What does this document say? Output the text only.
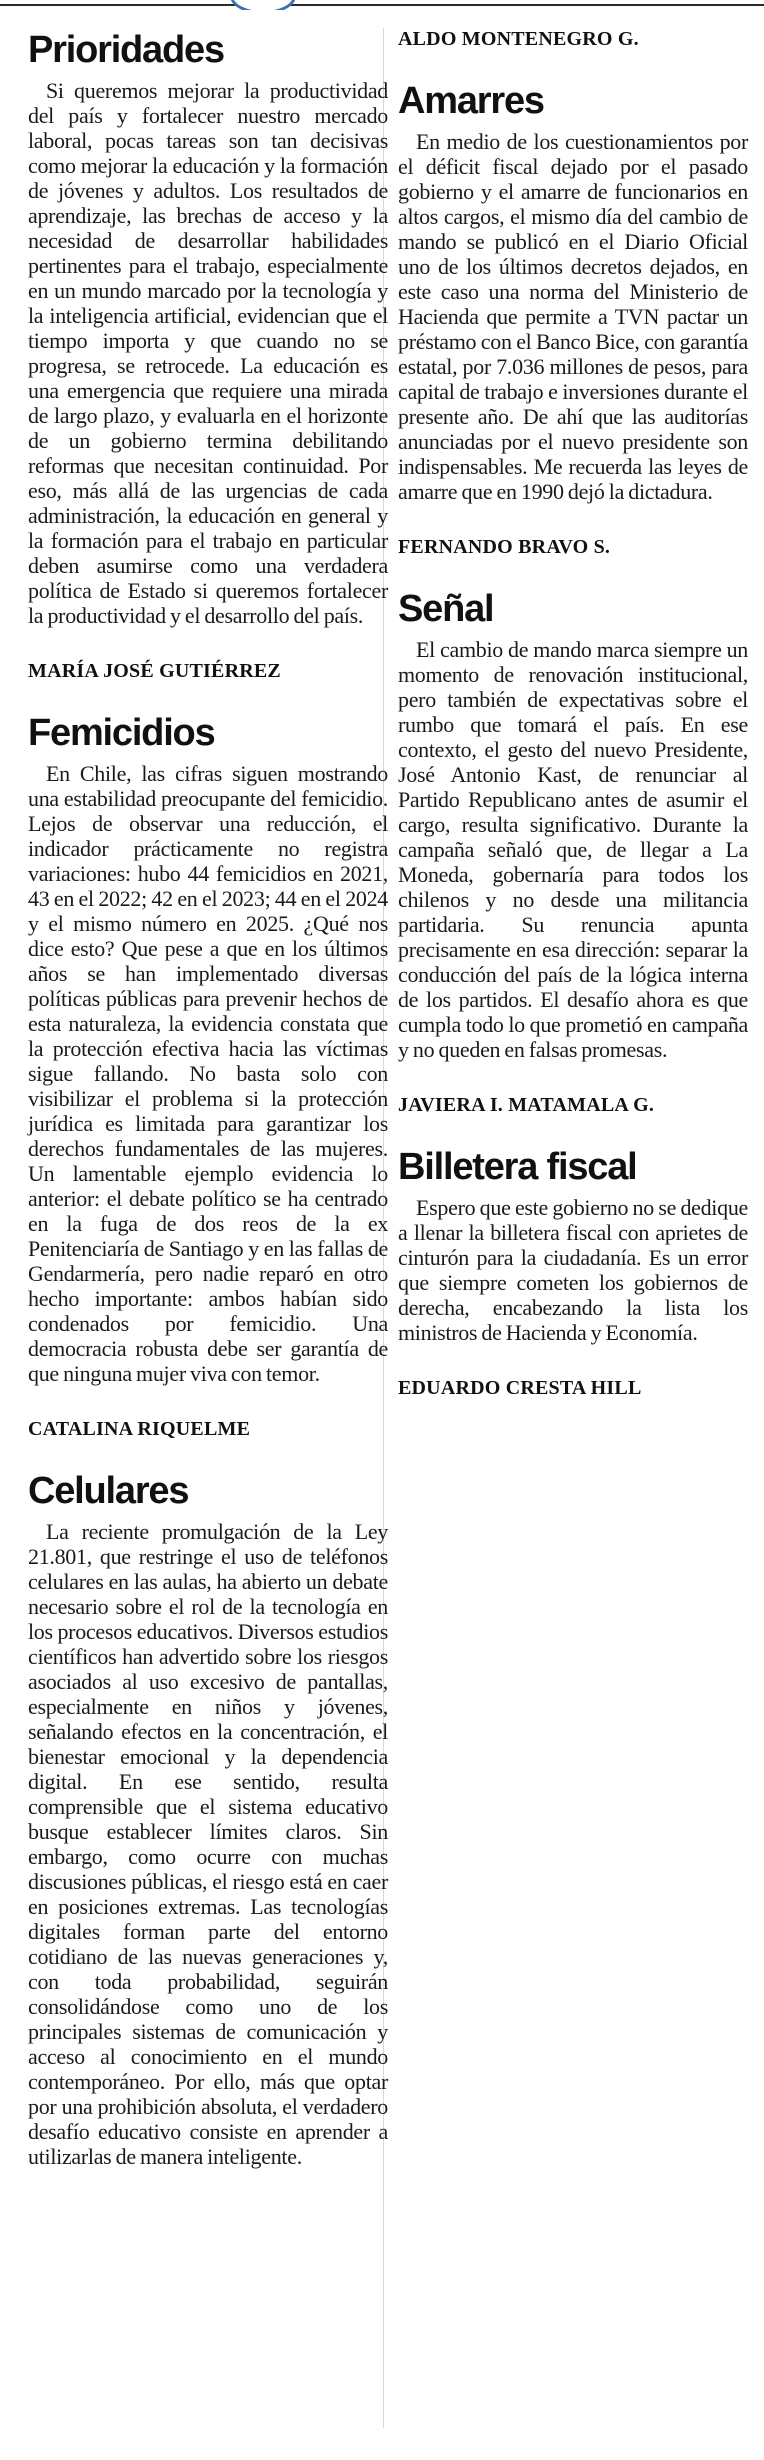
Prioridades

Si queremos mejorar la productividad del país y fortalecer nuestro mercado laboral, pocas tareas son tan decisivas como mejorar la educación y la formación de jóvenes y adultos. Los resultados de aprendizaje, las brechas de acceso y la necesidad de desarrollar habilidades pertinentes para el trabajo, especialmente en un mundo marcado por la tecnología y la inteligencia artificial, evidencian que el tiempo importa y que cuando no se progresa, se retrocede. La educación es una emergencia que requiere una mirada de largo plazo, y evaluarla en el horizonte de un gobierno termina debilitando reformas que necesitan continuidad. Por eso, más allá de las urgencias de cada administración, la educación en general y la formación para el trabajo en particular deben asumirse como una verdadera política de Estado si queremos fortalecer la productividad y el desarrollo del país.

MARÍA JOSÉ GUTIÉRREZ
Femicidios

En Chile, las cifras siguen mostrando una estabilidad preocupante del femicidio. Lejos de observar una reducción, el indicador prácticamente no registra variaciones: hubo 44 femicidios en 2021, 43 en el 2022; 42 en el 2023; 44 en el 2024 y el mismo número en 2025. ¿Qué nos dice esto? Que pese a que en los últimos años se han implementado diversas políticas públicas para prevenir hechos de esta naturaleza, la evidencia constata que la protección efectiva hacia las víctimas sigue fallando. No basta solo con visibilizar el problema si la protección jurídica es limitada para garantizar los derechos fundamentales de las mujeres. Un lamentable ejemplo evidencia lo anterior: el debate político se ha centrado en la fuga de dos reos de la ex Penitenciaría de Santiago y en las fallas de Gendarmería, pero nadie reparó en otro hecho importante: ambos habían sido condenados por femicidio. Una democracia robusta debe ser garantía de que ninguna mujer viva con temor.

CATALINA RIQUELME
Celulares

La reciente promulgación de la Ley 21.801, que restringe el uso de teléfonos celulares en las aulas, ha abierto un debate necesario sobre el rol de la tecnología en los procesos educativos. Diversos estudios científicos han advertido sobre los riesgos asociados al uso excesivo de pantallas, especialmente en niños y jóvenes, señalando efectos en la concentración, el bienestar emocional y la dependencia digital. En ese sentido, resulta comprensible que el sistema educativo busque establecer límites claros. Sin embargo, como ocurre con muchas discusiones públicas, el riesgo está en caer en posiciones extremas. Las tecnologías digitales forman parte del entorno cotidiano de las nuevas generaciones y, con toda probabilidad, seguirán consolidándose como uno de los principales sistemas de comunicación y acceso al conocimiento en el mundo contemporáneo. Por ello, más que optar por una prohibición absoluta, el verdadero desafío educativo consiste en aprender a utilizarlas de manera inteligente.

ALDO MONTENEGRO G.
Amarres

En medio de los cuestionamientos por el déficit fiscal dejado por el pasado gobierno y el amarre de funcionarios en altos cargos, el mismo día del cambio de mando se publicó en el Diario Oficial uno de los últimos decretos dejados, en este caso una norma del Ministerio de Hacienda que permite a TVN pactar un préstamo con el Banco Bice, con garantía estatal, por 7.036 millones de pesos, para capital de trabajo e inversiones durante el presente año. De ahí que las auditorías anunciadas por el nuevo presidente son indispensables. Me recuerda las leyes de amarre que en 1990 dejó la dictadura.

FERNANDO BRAVO S.
Señal

El cambio de mando marca siempre un momento de renovación institucional, pero también de expectativas sobre el rumbo que tomará el país. En ese contexto, el gesto del nuevo Presidente, José Antonio Kast, de renunciar al Partido Republicano antes de asumir el cargo, resulta significativo. Durante la campaña señaló que, de llegar a La Moneda, gobernaría para todos los chilenos y no desde una militancia partidaria. Su renuncia apunta precisamente en esa dirección: separar la conducción del país de la lógica interna de los partidos. El desafío ahora es que cumpla todo lo que prometió en campaña y no queden en falsas promesas.

JAVIERA I. MATAMALA G.
Billetera fiscal

Espero que este gobierno no se dedique a llenar la billetera fiscal con aprietes de cinturón para la ciudadanía. Es un error que siempre cometen los gobiernos de derecha, encabezando la lista los ministros de Hacienda y Economía.

EDUARDO CRESTA HILL
